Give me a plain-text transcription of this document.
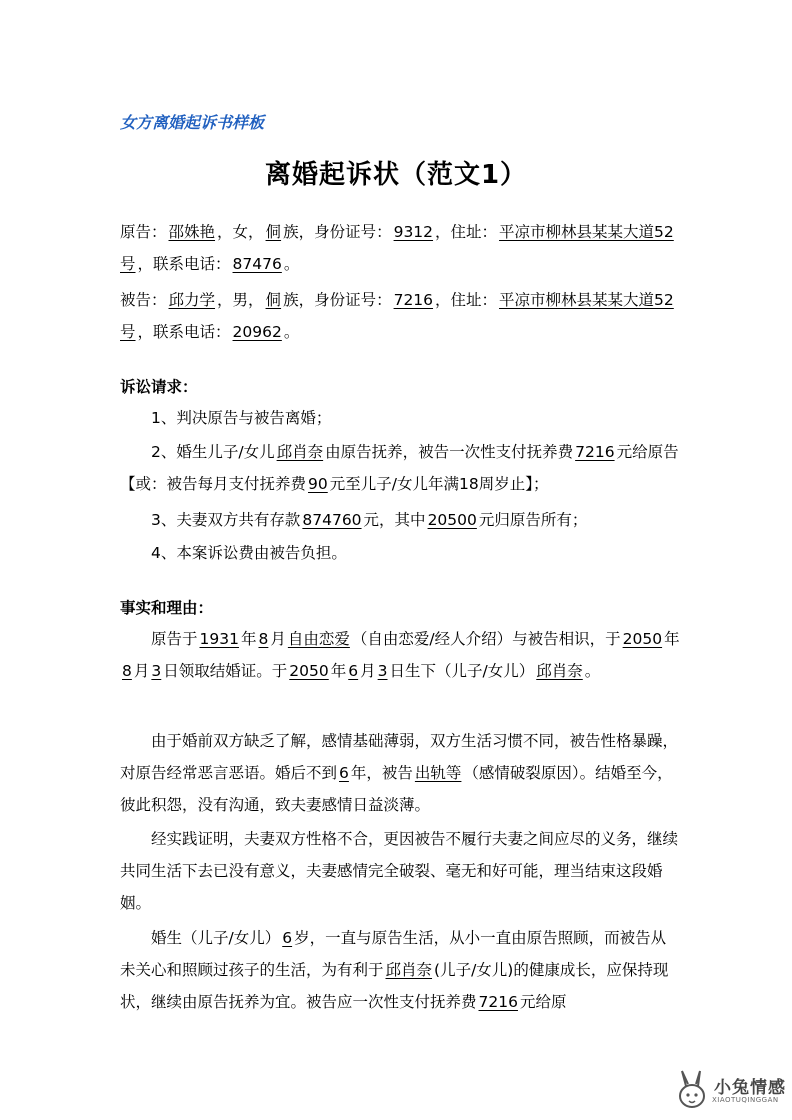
女方离婚起诉书样板
离婚起诉状（范文1）
原告： 邵姝艳 ，女， 侗 族，身份证号： 9312 ，住址： 平凉市柳林县某某大道52号 ，联系电话： 87476 。
被告： 邱力学 ，男， 侗 族，身份证号： 7216 ，住址： 平凉市柳林县某某大道52号 ，联系电话： 20962 。
诉讼请求：
1、判决原告与被告离婚；
2、婚生儿子/女儿 邱肖奈 由原告抚养，被告一次性支付抚养费 7216 元给原告【或：被告每月支付抚养费 90 元至儿子/女儿年满18周岁止】；
3、夫妻双方共有存款 874760 元，其中 20500 元归原告所有；
4、本案诉讼费由被告负担。
事实和理由：
原告于 1931 年 8 月 自由恋爱 （自由恋爱/经人介绍）与被告相识，于 2050 年8 月 3 日领取结婚证。于 2050 年 6 月 3 日生下（儿子/女儿） 邱肖奈 。
由于婚前双方缺乏了解，感情基础薄弱，双方生活习惯不同，被告性格暴躁，对原告经常恶言恶语。婚后不到 6 年，被告 出轨等 （感情破裂原因）。结婚至今，彼此积怨，没有沟通，致夫妻感情日益淡薄。
经实践证明，夫妻双方性格不合，更因被告不履行夫妻之间应尽的义务，继续共同生活下去已没有意义，夫妻感情完全破裂、毫无和好可能，理当结束这段婚姻。
婚生（儿子/女儿） 6 岁，一直与原告生活，从小一直由原告照顾，而被告从未关心和照顾过孩子的生活，为有利于 邱肖奈 (儿子/女儿)的健康成长，应保持现状，继续由原告抚养为宜。被告应一次性支付抚养费 7216 元给原
小兔情感
XIAOTUQINGGAN
